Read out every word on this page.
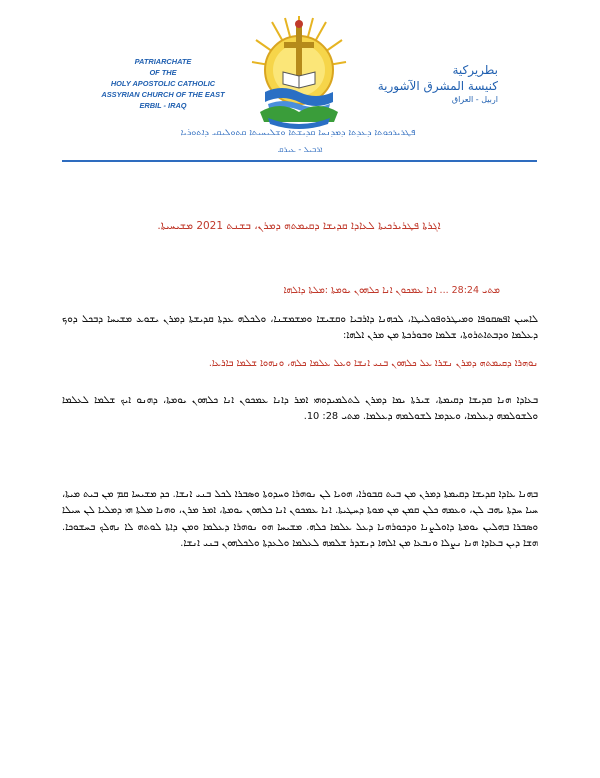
PATRIARCHATE
OF THE
HOLY APOSTOLIC CATHOLIC
ASSYRIAN CHURCH OF THE EAST
ERBIL - IRAQ
بطريركية
كنيسة المشرق الآشورية
اربيل - العراق
ܦܛܪܝܪܟܘܬܐ ܕܥܕܬܐ ܕܡܕܢܚܐ ܩܕܝܫܬܐ ܘܫܠܝܚܝܬܐ ܩܬܘܠܝܩܝ ܕܐܬܘܪܝܐ
ܐܪܒܝܠ - ܥܝܪܩ
ܐܓܪܬܐ ܦܛܪܝܪܟܝܬܐ ܠܥܐܕܐ ܩܕܝܫܐ ܕܩܝܡܬܗ ܕܡܪܢ، ܒܫܢܬ 2021 ܡܫܝܚܝܬܐ.
ܡܬܝ 28:24 ... ܐܢܐ ܥܡܟܘܢ ܐܢܐ ܟܠܗܘܢ ܝܘܡܬܐ :ܡܠܬܐ ܕܐܠܗܐ
ܠܐܚܝܢ ܐܦܣܩܘܦܐ ܘܡܝܛܪܘܦܘܠܝܛܐ، ܠܟܗܢܐ ܕܐܪܒܝܐ ܘܩܫܝܫܐ ܘܡܫܡܫܢܐ، ܘܠܟܠܗ ܥܕܬܐ ܩܕܝܫܬܐ ܕܡܪܢ ܝܫܘܥ ܡܫܝܚܐ ܕܒܟܠ ܕܘܟ ܕܥܠܡܐ ܘܕܒܬܐܬܪܘܬܐ، ܫܠܡܐ ܘܒܘܪܟܬܐ ܡܢ ܡܪܢ ܐܠܗܐ:
ܢܘܗܪܐ ܕܩܝܡܬܗ ܕܡܪܢ ܢܫܪܐ ܥܠ ܟܠܗܘܢ ܒܢܝ ܐܢܫܐ ܘܥܠ ܥܠܡܐ ܟܠܗ، ܘܢܗܘܐ ܫܠܡܐ ܒܐܪܥܐ.
ܒܥܐܕܐ ܗܢܐ ܩܕܝܫܐ ܕܩܝܡܬܐ، ܫܝܪܬܐ ܝܡܐ ܕܡܪܢ ܠܬܠܡܝܕܘܗܝ ܐܡܪ ܕܐܢܐ ܥܡܟܘܢ ܐܢܐ ܟܠܗܘܢ ܝܘܡܬܐ، ܕܗܢܘ ܐܝܟ ܫܠܡܐ ܠܥܠܡܐ ܘܠܫܘܠܡܗ ܕܥܠܡܐ، ܘܥܕܡܐ ܠܫܘܠܡܗ ܕܥܠܡܐ. ܡܬܝ 28: 10.
ܒܗܢܐ ܥܐܕܐ ܩܕܝܫܐ ܕܩܝܡܬܐ ܕܡܪܢ ܡܢ ܒܝܬ ܩܒܘܪܐ، ܗܘܝܐ ܠܢ ܢܘܗܪܐ ܘܚܕܘܬܐ ܘܣܒܪܐ ܠܟܠ ܒܢܝ ܐܢܫܐ. ܟܕ ܡܫܝܚܐ ܩܡ ܡܢ ܒܝܬ ܡܝܬܐ، ܚܝܐ ܚܕܬܐ ܝܗܒ ܠܢ، ܘܥܡܗ ܟܠܢ ܩܡܢ ܡܢ ܡܘܬܐ ܕܚܛܝܬܐ. ܐܢܐ ܥܡܟܘܢ ܐܢܐ ܟܠܗܘܢ ܝܘܡܬܐ، ܐܡܪ ܡܪܢ، ܘܗܢܐ ܡܠܬܐ ܗܝ ܕܡܠܝܐ ܠܢ ܚܝܠܐ ܘܣܒܪܐ ܒܗܠܝܢ ܝܘܡܬܐ ܕܐܘܠܨܢܐ ܘܕܟܘܪܗܢܐ ܕܥܠ ܥܠܡܐ ܟܠܗ. ܡܫܝܚܐ ܗܘ ܢܘܗܪܐ ܕܥܠܡܐ ܘܡܢ ܕܐܬܐ ܠܘܬܗ ܠܐ ܢܗܠܟ ܒܚܫܘܟܐ. ܗܫܐ ܕܝܢ ܒܥܐܕܐ ܗܢܐ ܢܨܠܐ ܘܢܒܥܐ ܡܢ ܐܠܗܐ ܕܢܫܕܪ ܫܠܡܗ ܠܥܠܡܐ ܘܠܥܕܬܐ ܘܠܟܠܗܘܢ ܒܢܝ ܐܢܫܐ.
